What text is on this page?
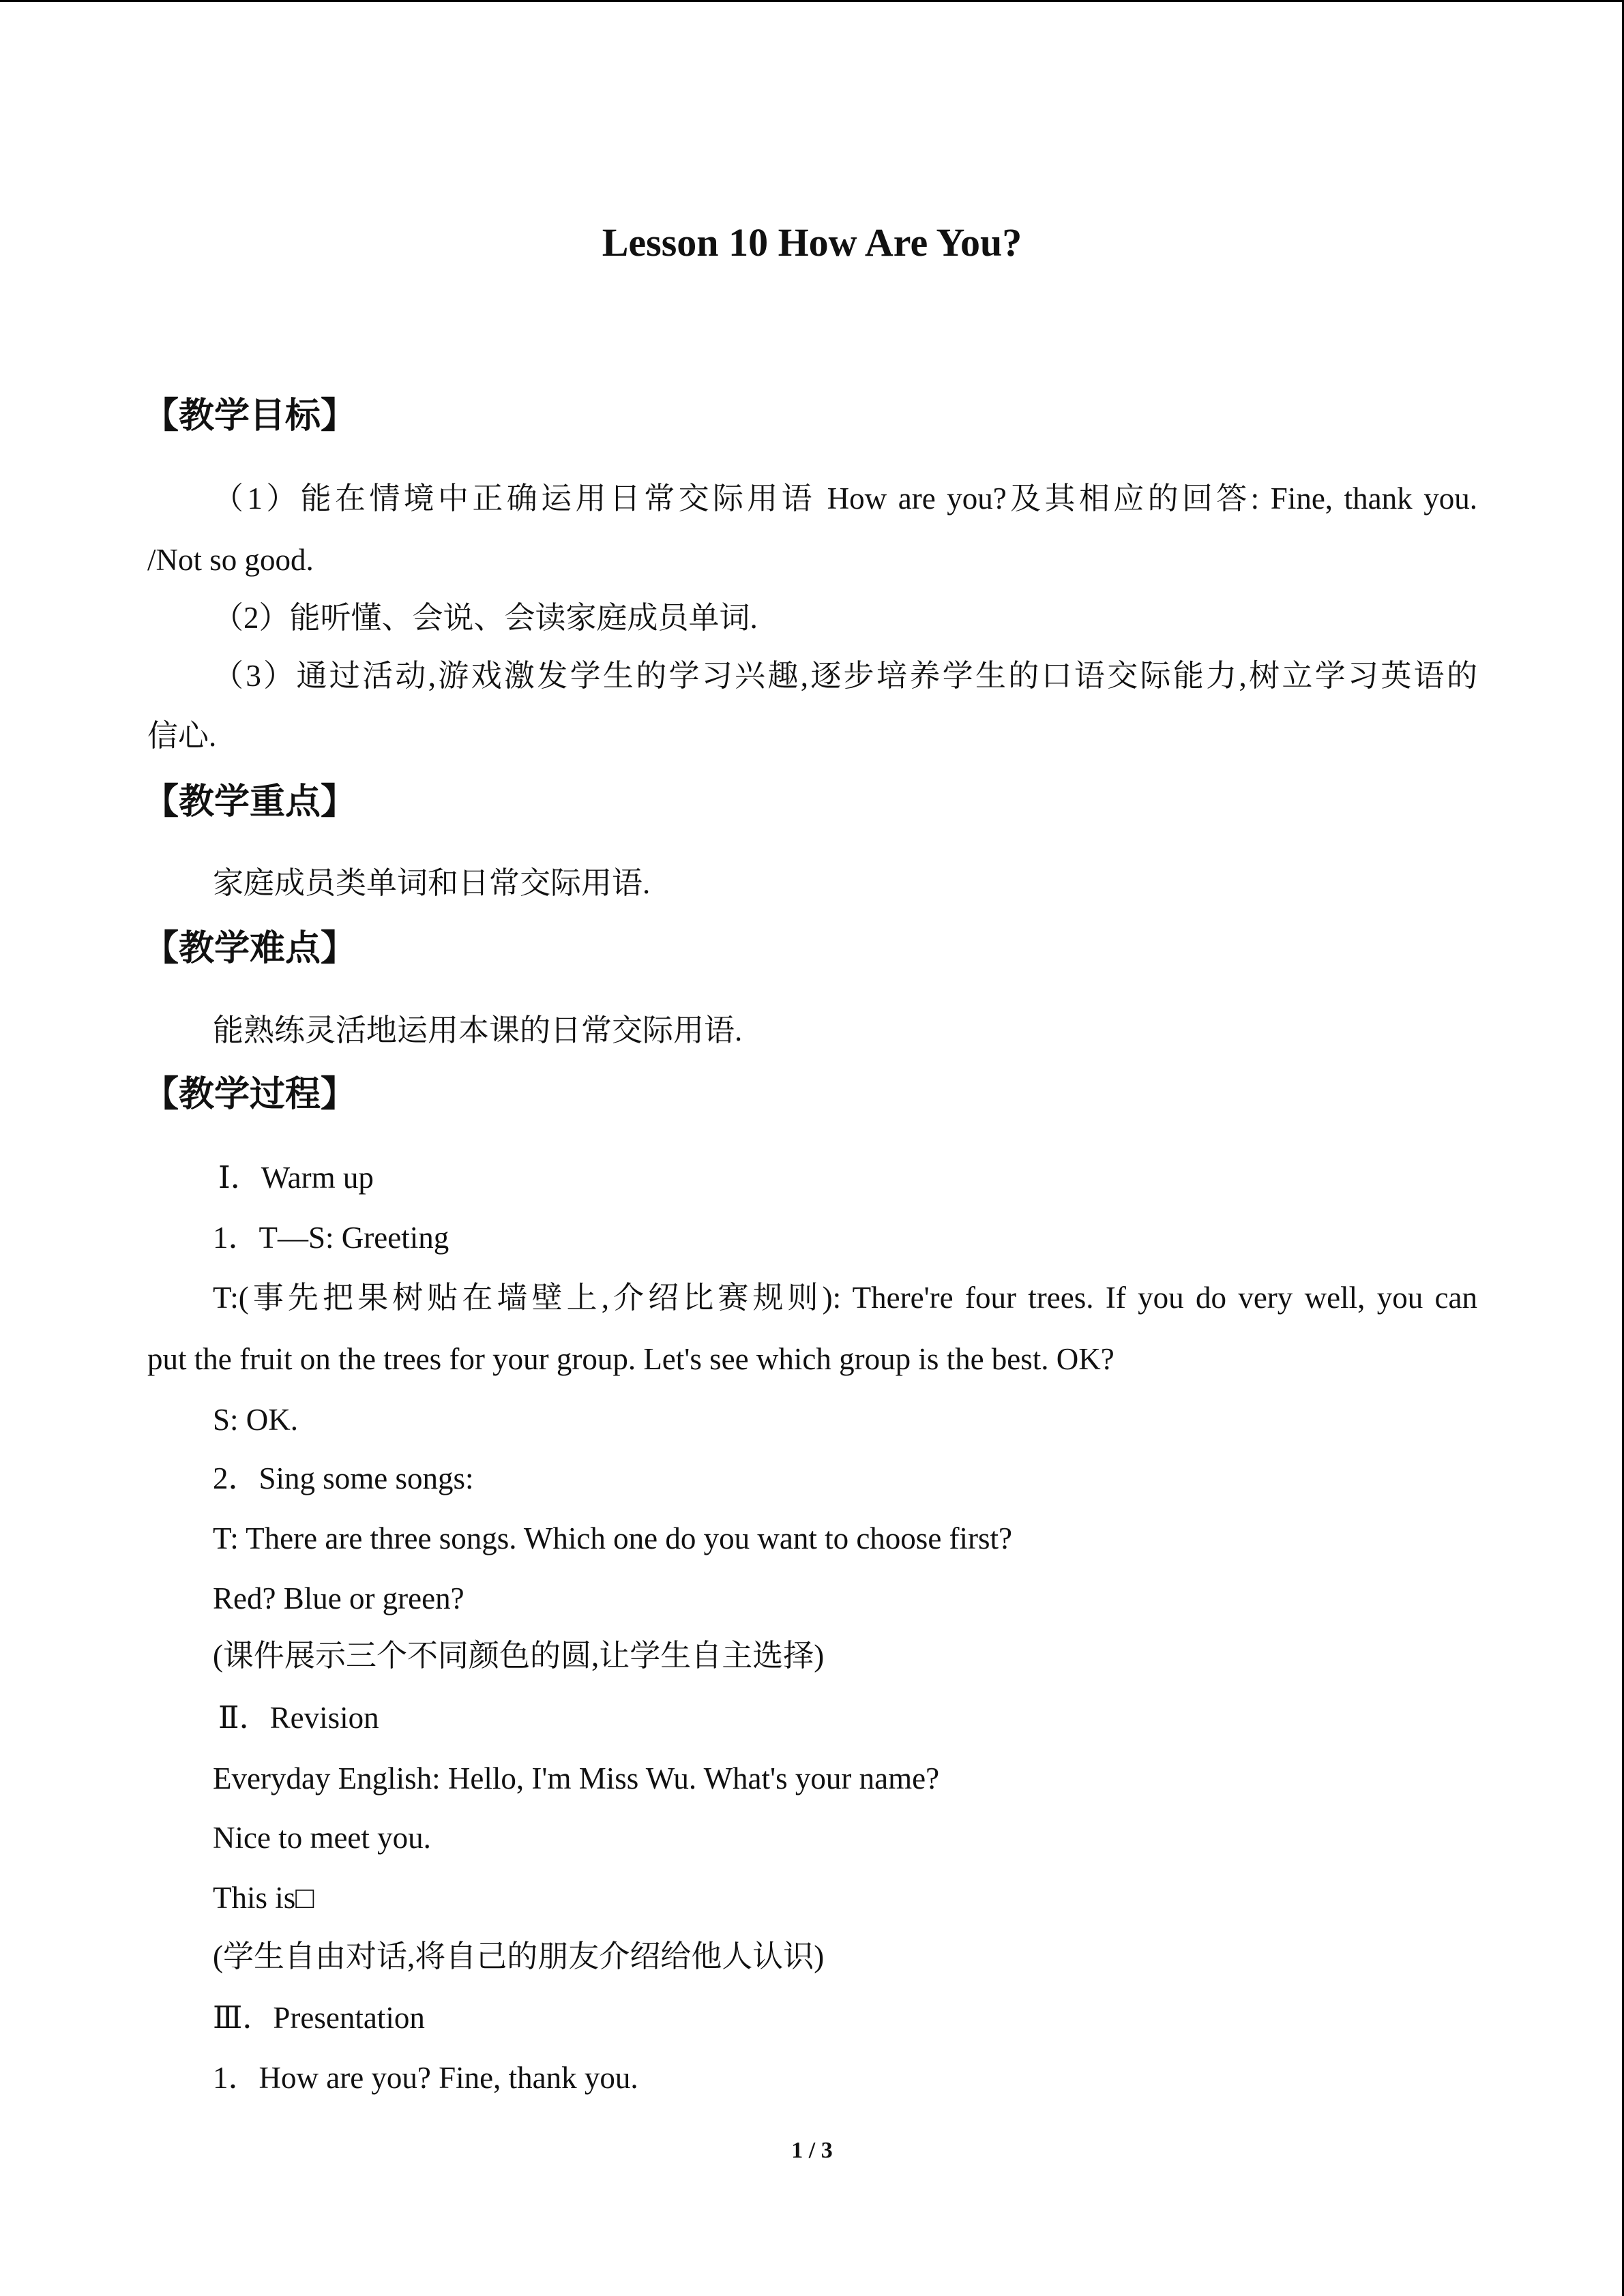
Lesson 10 How Are You?
【教学目标】
（1）能在情境中正确运用日常交际用语 How are you?及其相应的回答: Fine, thank you.
/Not so good.
（2）能听懂、会说、会读家庭成员单词.
（3）通过活动,游戏激发学生的学习兴趣,逐步培养学生的口语交际能力,树立学习英语的
信心.
【教学重点】
家庭成员类单词和日常交际用语.
【教学难点】
能熟练灵活地运用本课的日常交际用语.
【教学过程】
Ⅰ．Warm up
1．T—S: Greeting
T:(事先把果树贴在墙壁上,介绍比赛规则): There're four trees. If you do very well, you can
put the fruit on the trees for your group. Let's see which group is the best. OK?
S: OK.
2．Sing some songs:
T: There are three songs. Which one do you want to choose first?
Red? Blue or green?
(课件展示三个不同颜色的圆,让学生自主选择)
Ⅱ．Revision
Everyday English: Hello, I'm Miss Wu. What's your name?
Nice to meet you.
This is□
(学生自由对话,将自己的朋友介绍给他人认识)
Ⅲ．Presentation
1．How are you? Fine, thank you.
1 / 3
